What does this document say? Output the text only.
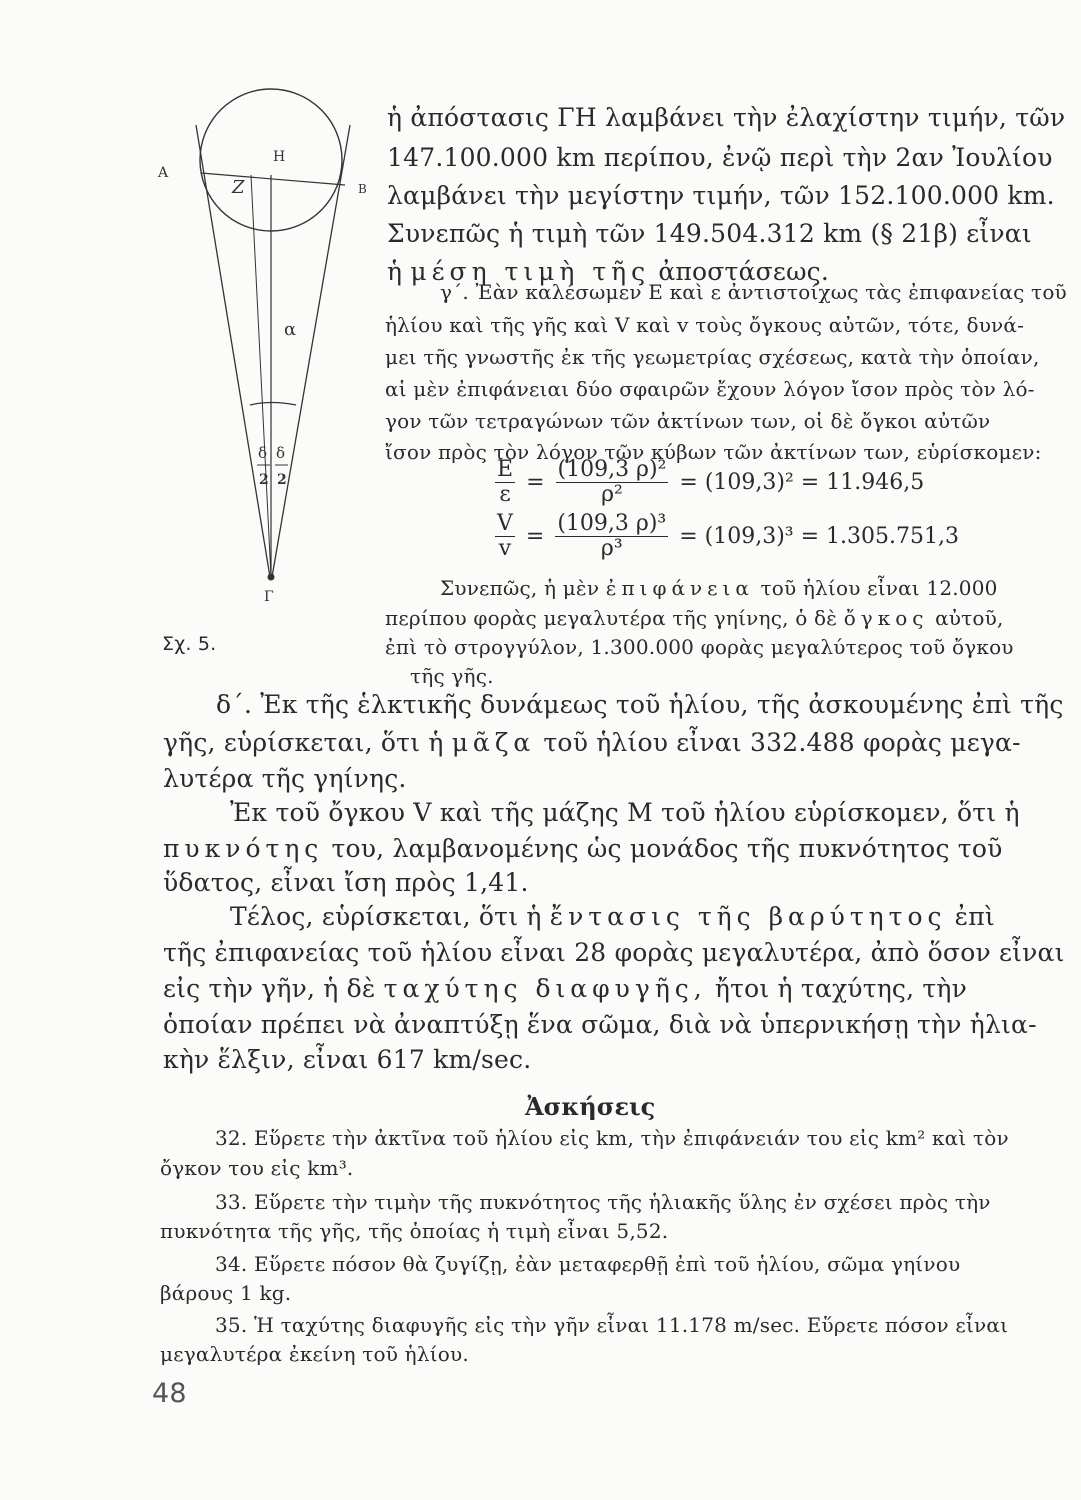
Α
Η
Ζ	Β
α
δ
2
δ
2
Γ
Σχ. 5.
ἡ ἀπόστασις ΓΗ λαμβάνει τὴν ἐλαχίστην τιμήν, τῶν
147.100.000 km περίπου, ἐνῷ περὶ τὴν 2αν Ἰουλίου
λαμβάνει τὴν μεγίστην τιμήν, τῶν 152.100.000 km.
Συνεπῶς ἡ τιμὴ τῶν 149.504.312 km (§ 21β) εἶναι
ἡ μέση τιμὴ τῆς ἀποστάσεως.
γ΄. Ἐὰν καλέσωμεν Ε καὶ ε ἀντιστοίχως τὰς ἐπιφανείας τοῦ
ἡλίου καὶ τῆς γῆς καὶ V καὶ v τοὺς ὄγκους αὐτῶν, τότε, δυνά-
μει τῆς γνωστῆς ἐκ τῆς γεωμετρίας σχέσεως, κατὰ τὴν ὁποίαν,
αἱ μὲν ἐπιφάνειαι δύο σφαιρῶν ἔχουν λόγον ἴσον πρὸς τὸν λό-
γον τῶν τετραγώνων τῶν ἀκτίνων των, οἱ δὲ ὄγκοι αὐτῶν
ἴσον πρὸς τὸν λόγον τῶν κύβων τῶν ἀκτίνων των, εὑρίσκομεν:
$\frac{E}{\varepsilon} = \frac{\text{(109,3 ρ)²}}{\text{ρ²}} = (109,3)^2 = 11.946,5$
$\frac{V}{v} = \frac{\text{(109,3 ρ)³}}{\text{ρ³}} = (109,3)^3 = 1.305.751,3$
Συνεπῶς, ἡ μὲν ἐπιφάνεια τοῦ ἡλίου εἶναι 12.000
περίπου φορὰς μεγαλυτέρα τῆς γηίνης, ὁ δὲ ὄγκος αὐτοῦ,
ἐπὶ τὸ στρογγύλον, 1.300.000 φορὰς μεγαλύτερος τοῦ ὄγκου
τῆς γῆς.
δ΄. Ἐκ τῆς ἑλκτικῆς δυνάμεως τοῦ ἡλίου, τῆς ἀσκουμένης ἐπὶ τῆς
γῆς, εὑρίσκεται, ὅτι ἡ μᾶζα τοῦ ἡλίου εἶναι 332.488 φορὰς μεγα-
λυτέρα τῆς γηίνης.
Ἐκ τοῦ ὄγκου V καὶ τῆς μάζης Μ τοῦ ἡλίου εὑρίσκομεν, ὅτι ἡ
πυκνότης του, λαμβανομένης ὡς μονάδος τῆς πυκνότητος τοῦ
ὕδατος, εἶναι ἴση πρὸς 1,41.
Τέλος, εὑρίσκεται, ὅτι ἡ ἔντασις τῆς βαρύτητος ἐπὶ
τῆς ἐπιφανείας τοῦ ἡλίου εἶναι 28 φορὰς μεγαλυτέρα, ἀπὸ ὅσον εἶναι
εἰς τὴν γῆν, ἡ δὲ ταχύτης διαφυγῆς, ἤτοι ἡ ταχύτης, τὴν
ὁποίαν πρέπει νὰ ἀναπτύξῃ ἕνα σῶμα, διὰ νὰ ὑπερνικήσῃ τὴν ἡλια-
κὴν ἕλξιν, εἶναι 617 km/sec.
Ἀσκήσεις
32. Εὕρετε τὴν ἀκτῖνα τοῦ ἡλίου εἰς km, τὴν ἐπιφάνειάν του εἰς km² καὶ τὸν
ὄγκον του εἰς km³.
33. Εὕρετε τὴν τιμὴν τῆς πυκνότητος τῆς ἡλιακῆς ὕλης ἐν σχέσει πρὸς τὴν
πυκνότητα τῆς γῆς, τῆς ὁποίας ἡ τιμὴ εἶναι 5,52.
34. Εὕρετε πόσον θὰ ζυγίζῃ, ἐὰν μεταφερθῇ ἐπὶ τοῦ ἡλίου, σῶμα γηίνου
βάρους 1 kg.
35. Ἡ ταχύτης διαφυγῆς εἰς τὴν γῆν εἶναι 11.178 m/sec. Εὕρετε πόσον εἶναι
μεγαλυτέρα ἐκείνη τοῦ ἡλίου.
48
